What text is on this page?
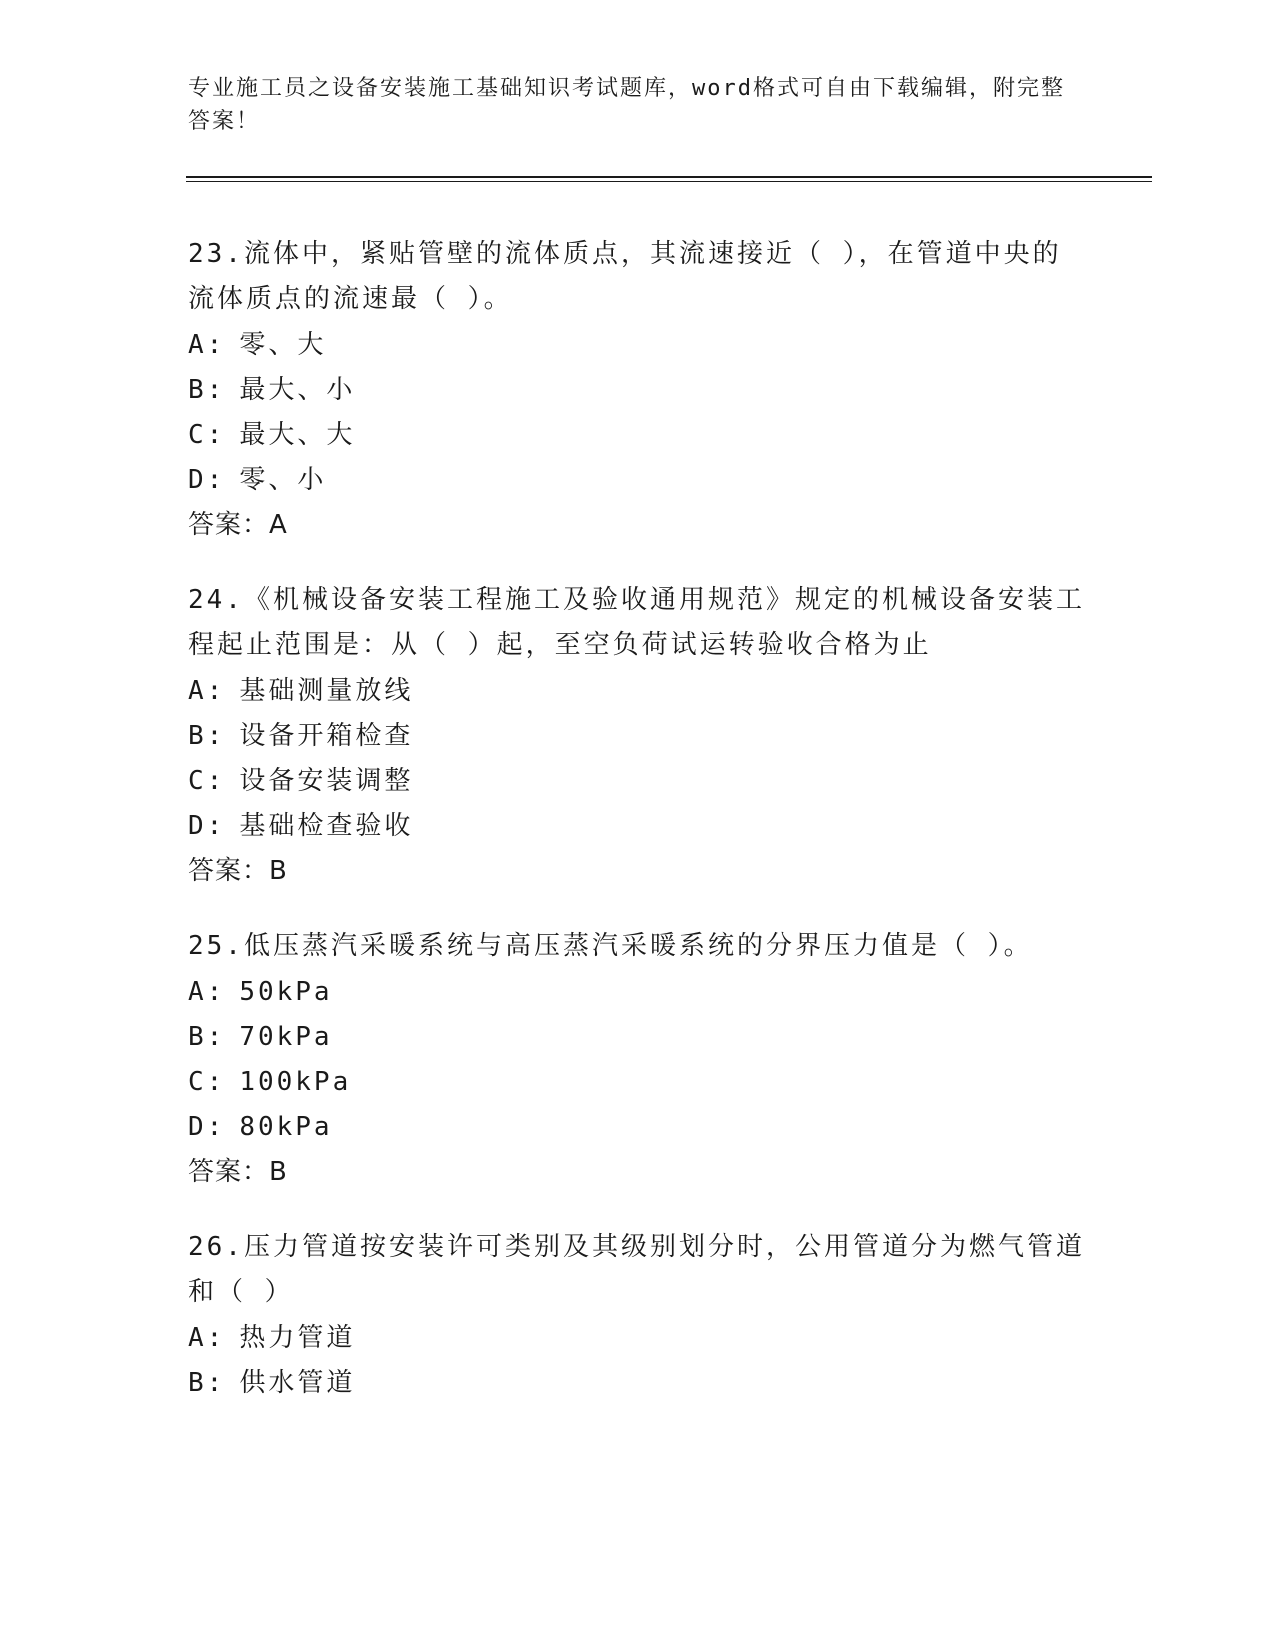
专业施工员之设备安装施工基础知识考试题库，word格式可自由下载编辑，附完整答案！
23.流体中，紧贴管壁的流体质点，其流速接近（ ），在管道中央的流体质点的流速最（ ）。
A : 零、大
B : 最大、小
C : 最大、大
D : 零、小
答案：A
24.《机械设备安装工程施工及验收通用规范》规定的机械设备安装工程起止范围是：从（ ）起，至空负荷试运转验收合格为止
A : 基础测量放线
B : 设备开箱检查
C : 设备安装调整
D : 基础检查验收
答案：B
25.低压蒸汽采暖系统与高压蒸汽采暖系统的分界压力值是（ ）。
A : 50kPa
B : 70kPa
C : 100kPa
D : 80kPa
答案：B
26.压力管道按安装许可类别及其级别划分时，公用管道分为燃气管道和（ ）
A : 热力管道
B : 供水管道
